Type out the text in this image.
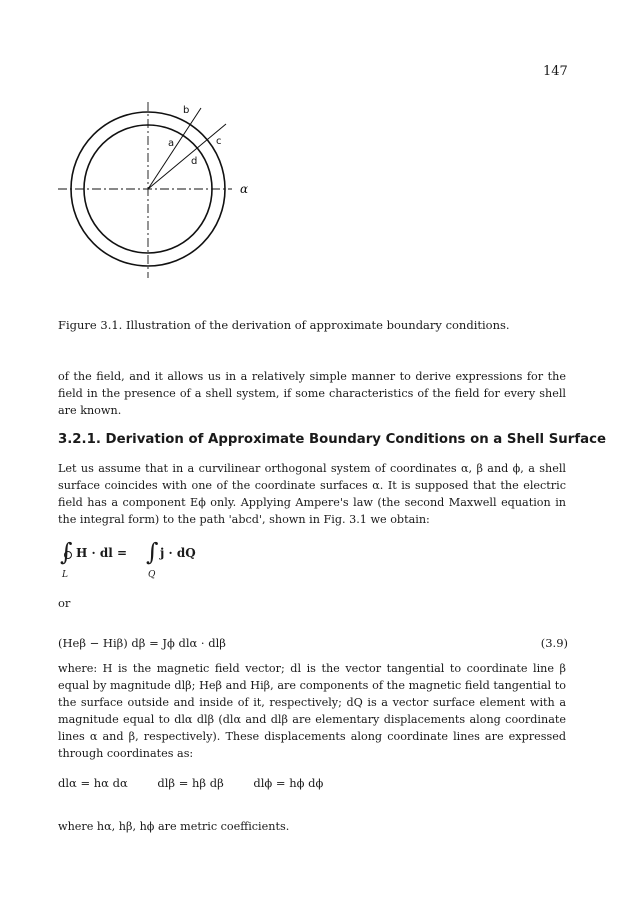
147
b
a	c
d
α
Figure 3.1. Illustration of the derivation of approximate boundary conditions.
of the field, and it allows us in a relatively simple manner to derive expressions for the field in the presence of a shell system, if some characteristics of the field for every shell are known.
3.2.1. Derivation of Approximate Boundary Conditions on a Shell Surface
Let us assume that in a curvilinear orthogonal system of coordinates α, β and ϕ, a shell surface coincides with one of the coordinate surfaces α. It is supposed that the electric field has a component Eϕ only. Applying Ampere's law (the second Maxwell equation in the integral form) to the path 'abcd', shown in Fig. 3.1 we obtain:
∫
L
H · dl = ∫
Q
j · dQ
or
(Heβ − Hiβ) dβ = Jϕ dlα · dlβ	(3.9)
where: H is the magnetic field vector; dl is the vector tangential to coordinate line β equal by magnitude dlβ; Heβ and Hiβ, are components of the magnetic field tangential to the surface outside and inside of it, respectively; dQ is a vector surface element with a magnitude equal to dlα dlβ (dlα and dlβ are elementary displacements along coordinate lines α and β, respectively). These displacements along coordinate lines are expressed through coordinates as:
dlα = hα dα	dlβ = hβ dβ	dlϕ = hϕ dϕ
where hα, hβ, hϕ are metric coefficients.
